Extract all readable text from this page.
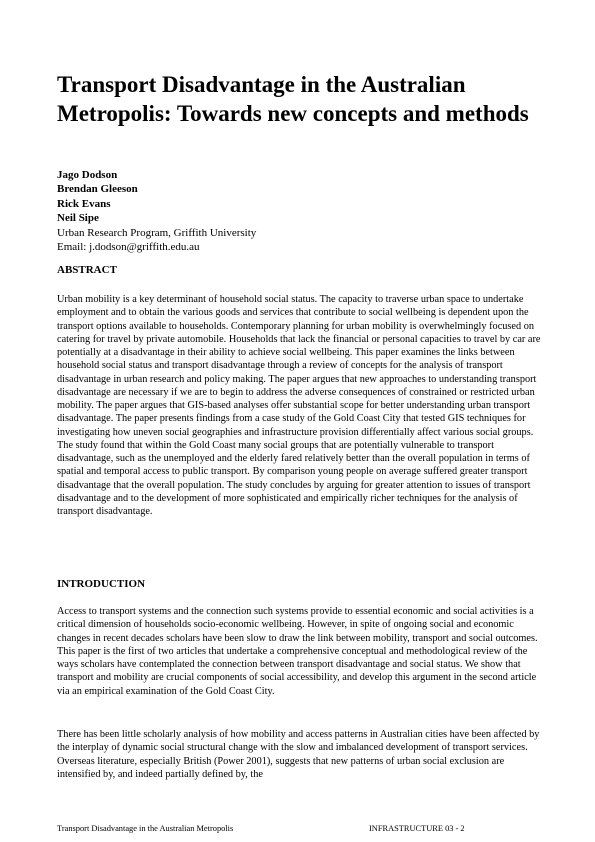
Transport Disadvantage in the Australian Metropolis: Towards new concepts and methods
Jago Dodson
Brendan Gleeson
Rick Evans
Neil Sipe
Urban Research Program, Griffith University
Email: j.dodson@griffith.edu.au
ABSTRACT

Urban mobility is a key determinant of household social status. The capacity to traverse urban space to undertake employment and to obtain the various goods and services that contribute to social wellbeing is dependent upon the transport options available to households. Contemporary planning for urban mobility is overwhelmingly focused on catering for travel by private automobile. Households that lack the financial or personal capacities to travel by car are potentially at a disadvantage in their ability to achieve social wellbeing. This paper examines the links between household social status and transport disadvantage through a review of concepts for the analysis of transport disadvantage in urban research and policy making. The paper argues that new approaches to understanding transport disadvantage are necessary if we are to begin to address the adverse consequences of constrained or restricted urban mobility. The paper argues that GIS-based analyses offer substantial scope for better understanding urban transport disadvantage. The paper presents findings from a case study of the Gold Coast City that tested GIS techniques for investigating how uneven social geographies and infrastructure provision differentially affect various social groups. The study found that within the Gold Coast many social groups that are potentially vulnerable to transport disadvantage, such as the unemployed and the elderly fared relatively better than the overall population in terms of spatial and temporal access to public transport. By comparison young people on average suffered greater transport disadvantage that the overall population. The study concludes by arguing for greater attention to issues of transport disadvantage and to the development of more sophisticated and empirically richer techniques for the analysis of transport disadvantage.

INTRODUCTION

Access to transport systems and the connection such systems provide to essential economic and social activities is a critical dimension of households socio-economic wellbeing. However, in spite of ongoing social and economic changes in recent decades scholars have been slow to draw the link between mobility, transport and social outcomes. This paper is the first of two articles that undertake a comprehensive conceptual and methodological review of the ways scholars have contemplated the connection between transport disadvantage and social status. We show that transport and mobility are crucial components of social accessibility, and develop this argument in the second article via an empirical examination of the Gold Coast City.

There has been little scholarly analysis of how mobility and access patterns in Australian cities have been affected by the interplay of dynamic social structural change with the slow and imbalanced development of transport services. Overseas literature, especially British (Power 2001), suggests that new patterns of urban social exclusion are intensified by, and indeed partially defined by, the

Transport Disadvantage in the Australian Metropolis	INFRASTRUCTURE 03 - 2
